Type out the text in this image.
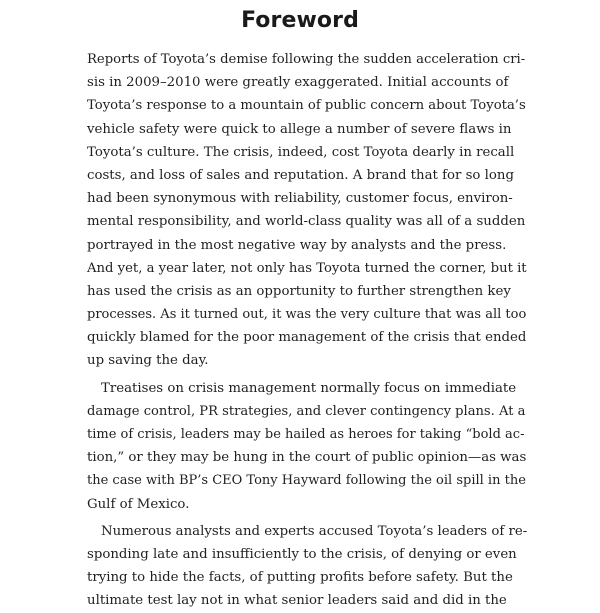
Foreword
Reports of Toyota’s demise following the sudden acceleration cri-
sis in 2009–2010 were greatly exaggerated. Initial accounts of
Toyota’s response to a mountain of public concern about Toyota’s
vehicle safety were quick to allege a number of severe flaws in
Toyota’s culture. The crisis, indeed, cost Toyota dearly in recall
costs, and loss of sales and reputation. A brand that for so long
had been synonymous with reliability, customer focus, environ-
mental responsibility, and world-class quality was all of a sudden
portrayed in the most negative way by analysts and the press.
And yet, a year later, not only has Toyota turned the corner, but it
has used the crisis as an opportunity to further strengthen key
processes. As it turned out, it was the very culture that was all too
quickly blamed for the poor management of the crisis that ended
up saving the day.
Treatises on crisis management normally focus on immediate
damage control, PR strategies, and clever contingency plans. At a
time of crisis, leaders may be hailed as heroes for taking “bold ac-
tion,” or they may be hung in the court of public opinion—as was
the case with BP’s CEO Tony Hayward following the oil spill in the
Gulf of Mexico.
Numerous analysts and experts accused Toyota’s leaders of re-
sponding late and insufficiently to the crisis, of denying or even
trying to hide the facts, of putting profits before safety. But the
ultimate test lay not in what senior leaders said and did in the
